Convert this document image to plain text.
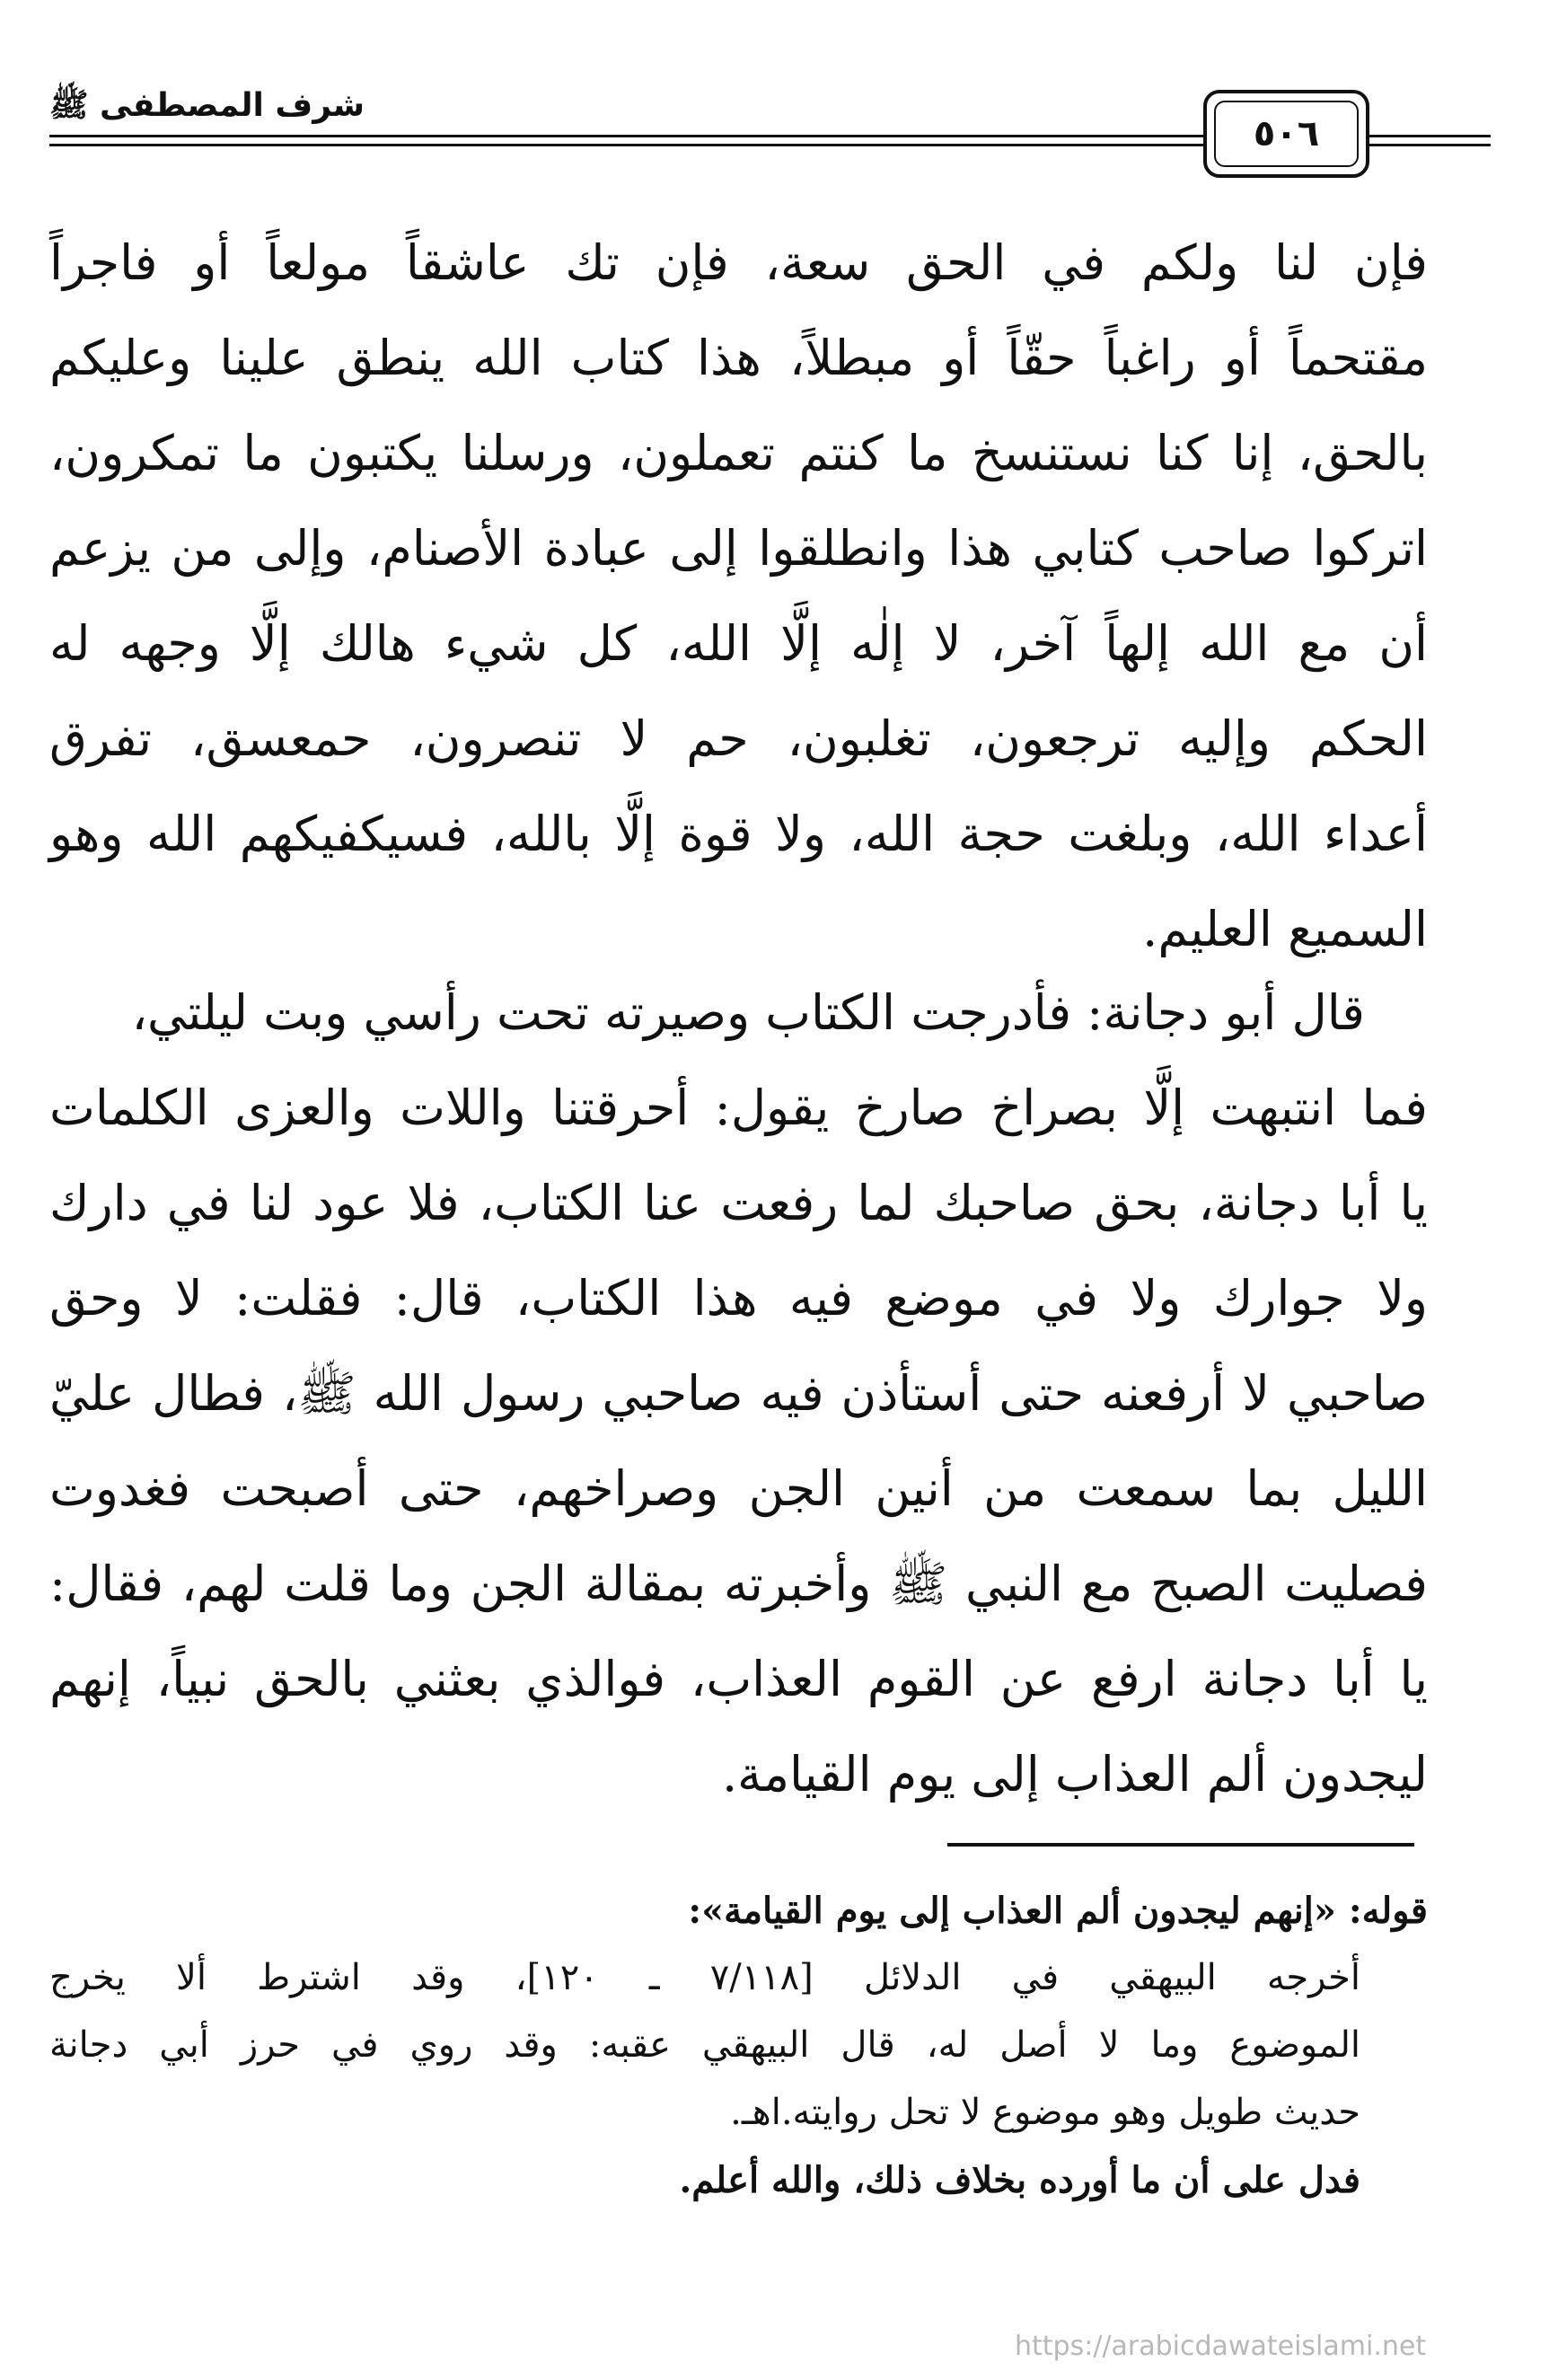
شرف المصطفى ﷺ
٥٠٦
فإن لنا ولكم في الحق سعة، فإن تك عاشقاً مولعاً أو فاجراً
مقتحماً أو راغباً حقّاً أو مبطلاً، هذا كتاب الله ينطق علينا وعليكم
بالحق، إنا كنا نستنسخ ما كنتم تعملون، ورسلنا يكتبون ما تمكرون،
اتركوا صاحب كتابي هذا وانطلقوا إلى عبادة الأصنام، وإلى من يزعم
أن مع الله إلهاً آخر، لا إلٰه إلَّا الله، كل شيء هالك إلَّا وجهه له
الحكم وإليه ترجعون، تغلبون، حم لا تنصرون، حمعسق، تفرق
أعداء الله، وبلغت حجة الله، ولا قوة إلَّا بالله، فسيكفيكهم الله وهو
السميع العليم.
قال أبو دجانة: فأدرجت الكتاب وصيرته تحت رأسي وبت ليلتي،
فما انتبهت إلَّا بصراخ صارخ يقول: أحرقتنا واللات والعزى الكلمات
يا أبا دجانة، بحق صاحبك لما رفعت عنا الكتاب، فلا عود لنا في دارك
ولا جوارك ولا في موضع فيه هذا الكتاب، قال: فقلت: لا وحق
صاحبي لا أرفعنه حتى أستأذن فيه صاحبي رسول الله ﷺ، فطال عليّ
الليل بما سمعت من أنين الجن وصراخهم، حتى أصبحت فغدوت
فصليت الصبح مع النبي ﷺ وأخبرته بمقالة الجن وما قلت لهم، فقال:
يا أبا دجانة ارفع عن القوم العذاب، فوالذي بعثني بالحق نبياً، إنهم
ليجدون ألم العذاب إلى يوم القيامة.
قوله: «إنهم ليجدون ألم العذاب إلى يوم القيامة»:
أخرجه البيهقي في الدلائل [٧/١١٨ ـ ١٢٠]، وقد اشترط ألا يخرج
الموضوع وما لا أصل له، قال البيهقي عقبه: وقد روي في حرز أبي دجانة
حديث طويل وهو موضوع لا تحل روايته.اهـ.
فدل على أن ما أورده بخلاف ذلك، والله أعلم.
https://arabicdawateislami.net
